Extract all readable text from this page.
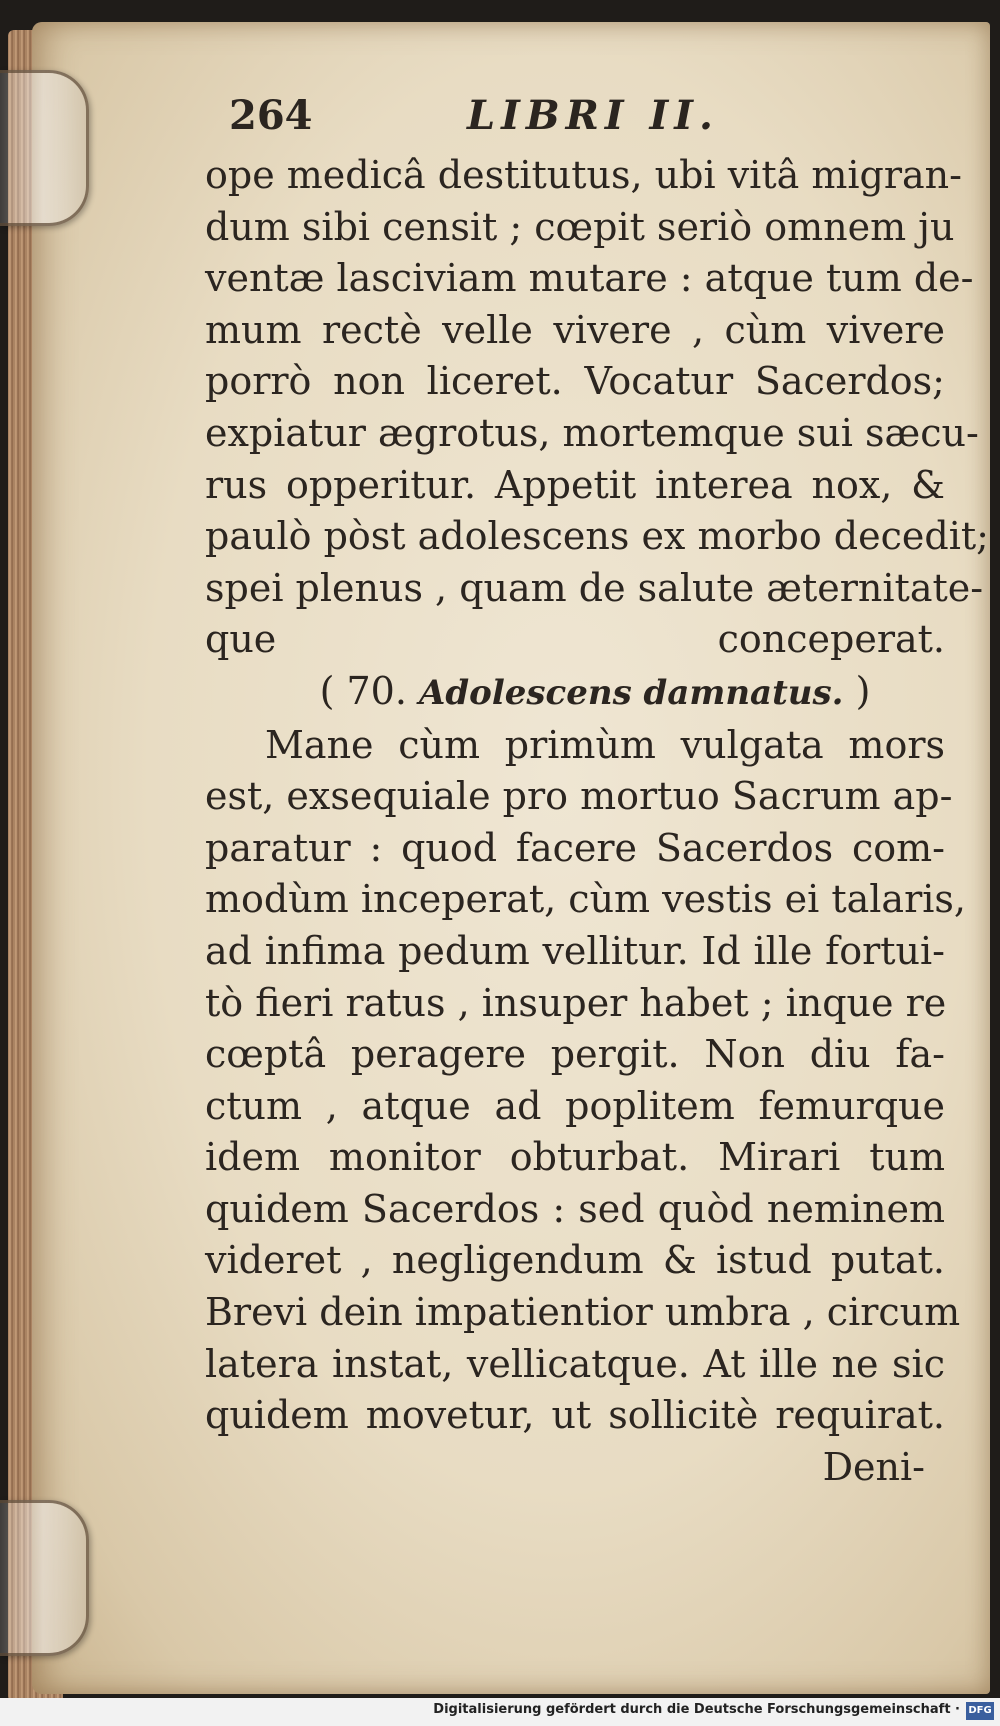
264	LIBRI II.
ope medicâ destitutus, ubi vitâ migran-
dum sibi censit ; cœpit seriò omnem ju
ventæ lasciviam mutare : atque tum de-
mum rectè velle vivere , cùm vivere
porrò non liceret. Vocatur Sacerdos;
expiatur ægrotus, mortemque sui sæcu-
rus opperitur. Appetit interea nox, &
paulò pòst adolescens ex morbo decedit;
spei plenus , quam de salute æternitate-
que conceperat.
( 70. Adolescens damnatus. )
Mane cùm primùm vulgata mors
est, exsequiale pro mortuo Sacrum ap-
paratur : quod facere Sacerdos com-
modùm inceperat, cùm vestis ei talaris,
ad infima pedum vellitur. Id ille fortui-
tò fieri ratus , insuper habet ; inque re
cœptâ peragere pergit. Non diu fa-
ctum , atque ad poplitem femurque
idem monitor obturbat. Mirari tum
quidem Sacerdos : sed quòd neminem
videret , negligendum & istud putat.
Brevi dein impatientior umbra , circum
latera instat, vellicatque. At ille ne sic
quidem movetur, ut sollicitè requirat.
Deni-
Digitalisierung gefördert durch die Deutsche Forschungsgemeinschaft · DFG
